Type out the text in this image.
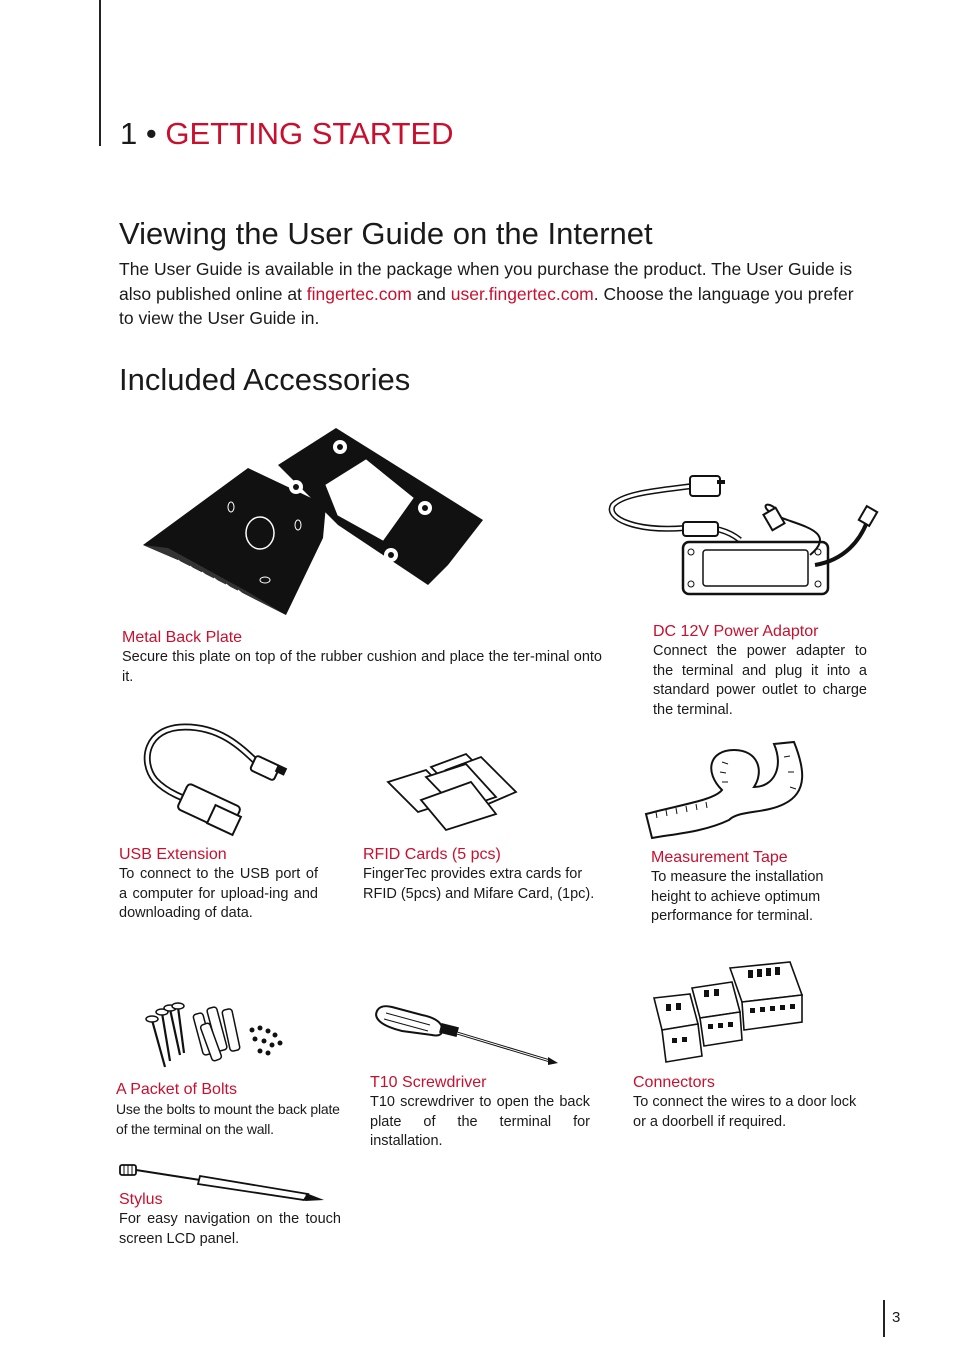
1 • GETTING STARTED
Viewing the User Guide on the Internet
The User Guide is available in the package when you purchase the product. The User Guide is also published online at fingertec.com and user.fingertec.com. Choose the language you prefer to view the User Guide in.
Included Accessories
Metal Back Plate
Secure this plate on top of the rubber cushion and place the ter-minal onto it.
DC 12V Power Adaptor
Connect the power adapter to the terminal and plug it into a standard power outlet to charge the terminal.
USB Extension
To connect to the USB port of a computer for upload-ing and downloading of data.
RFID Cards (5 pcs)
FingerTec provides extra cards for RFID (5pcs) and Mifare Card, (1pc).
Measurement Tape
To measure the installation height to achieve optimum performance for terminal.
A Packet of Bolts
Use the bolts to mount the back plate of the terminal on the wall.
T10 Screwdriver
T10 screwdriver to open the back plate of the terminal for installation.
Connectors
To connect the wires to a door lock or a doorbell if required.
Stylus
For easy navigation on the touch screen LCD panel.
3
